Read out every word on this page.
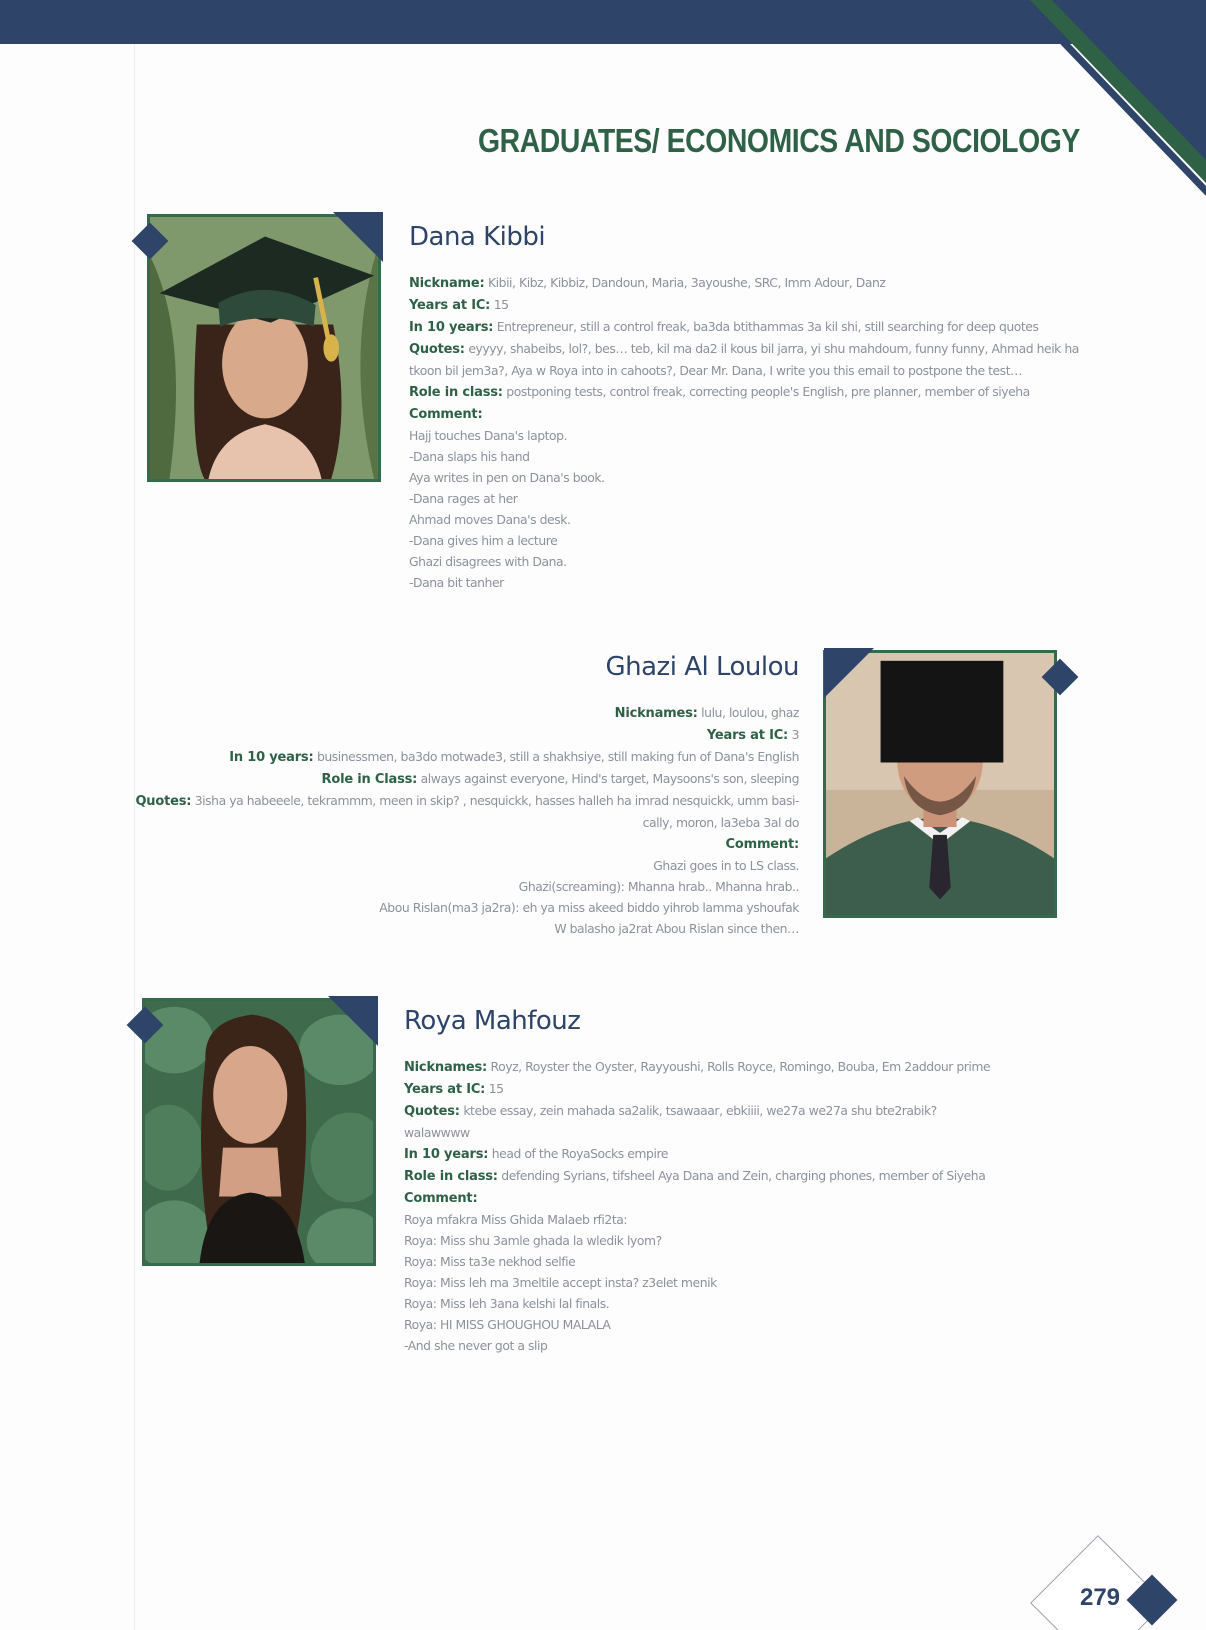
GRADUATES/ ECONOMICS AND SOCIOLOGY
Dana Kibbi
Nickname: Kibii, Kibz, Kibbiz, Dandoun, Maria, 3ayoushe, SRC, Imm Adour, Danz
Years at IC: 15
In 10 years: Entrepreneur, still a control freak, ba3da btithammas 3a kil shi, still searching for deep quotes
Quotes: eyyyy, shabeibs, lol?, bes… teb, kil ma da2 il kous bil jarra, yi shu mahdoum, funny funny, Ahmad heik ha tkoon bil jem3a?, Aya w Roya into in cahoots?, Dear Mr. Dana, I write you this email to postpone the test…
Role in class: postponing tests, control freak, correcting people's English, pre planner, member of siyeha
Comment:
Hajj touches Dana's laptop.
-Dana slaps his hand
Aya writes in pen on Dana's book.
-Dana rages at her
Ahmad moves Dana's desk.
-Dana gives him a lecture
Ghazi disagrees with Dana.
-Dana bit tanher
Ghazi Al Loulou
Nicknames: lulu, loulou, ghaz
Years at IC: 3
In 10 years: businessmen, ba3do motwade3, still a shakhsiye, still making fun of Dana's English
Role in Class: always against everyone, Hind's target, Maysoons's son, sleeping
Quotes: 3isha ya habeeele, tekrammm, meen in skip? , nesquickk, hasses halleh ha imrad nesquickk, umm basi-
cally, moron, la3eba 3al do
Comment:
Ghazi goes in to LS class.
Ghazi(screaming): Mhanna hrab.. Mhanna hrab..
Abou Rislan(ma3 ja2ra): eh ya miss akeed biddo yihrob lamma yshoufak
W balasho ja2rat Abou Rislan since then…
Roya Mahfouz
Nicknames: Royz, Royster the Oyster, Rayyoushi, Rolls Royce, Romingo, Bouba, Em 2addour prime
Years at IC: 15
Quotes: ktebe essay, zein mahada sa2alik, tsawaaar, ebkiiii, we27a we27a shu bte2rabik?
walawwww
In 10 years: head of the RoyaSocks empire
Role in class: defending Syrians, tifsheel Aya Dana and Zein, charging phones, member of Siyeha
Comment:
Roya mfakra Miss Ghida Malaeb rfi2ta:
Roya: Miss shu 3amle ghada la wledik lyom?
Roya: Miss ta3e nekhod selfie
Roya: Miss leh ma 3meltile accept insta? z3elet menik
Roya: Miss leh 3ana kelshi lal finals.
Roya: HI MISS GHOUGHOU MALALA
-And she never got a slip
279
